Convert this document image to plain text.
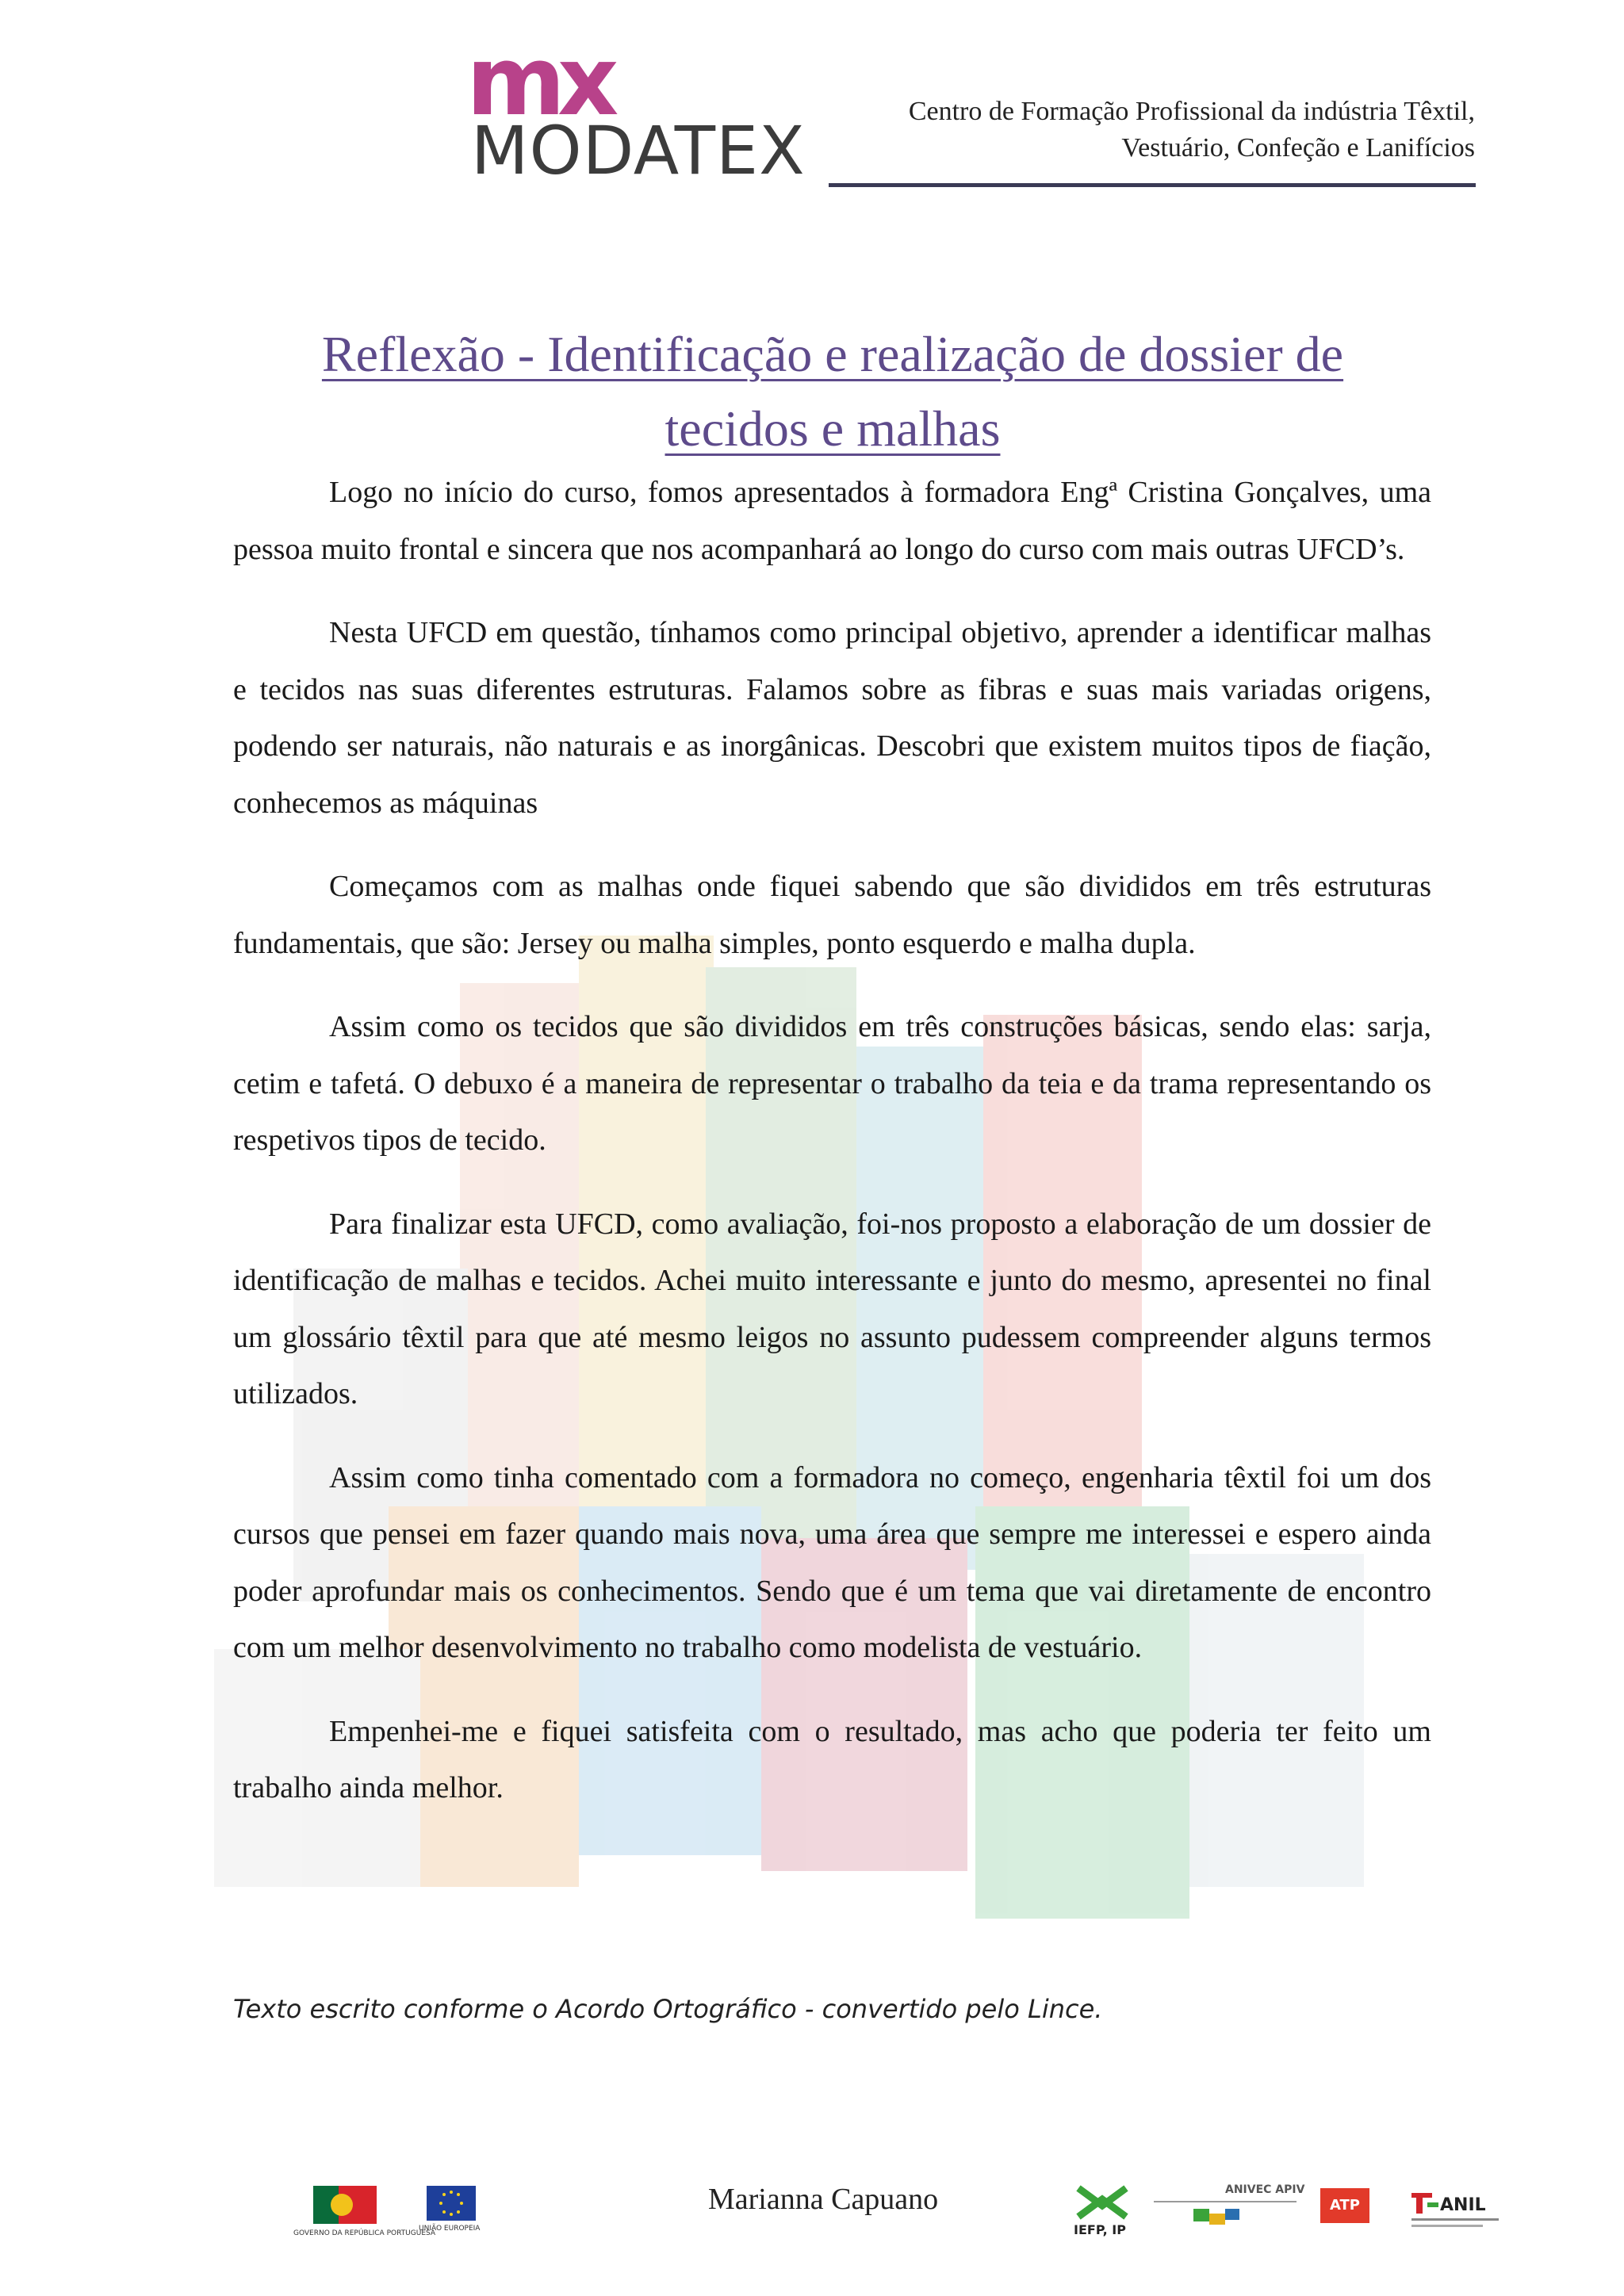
mx
MODATEX
Centro de Formação Profissional da indústria Têxtil,
Vestuário, Confeção e Lanifícios
Reflexão - Identificação e realização de dossier de
tecidos e malhas

Logo no início do curso, fomos apresentados à formadora Engª Cristina Gonçalves, uma pessoa muito frontal e sincera que nos acompanhará ao longo do curso com mais outras UFCD’s.

Nesta UFCD em questão, tínhamos como principal objetivo, aprender a identificar malhas e tecidos nas suas diferentes estruturas. Falamos sobre as fibras e suas mais variadas origens, podendo ser naturais, não naturais e as inorgânicas. Descobri que existem muitos tipos de fiação, conhecemos as máquinas

Começamos com as malhas onde fiquei sabendo que são divididos em três estruturas fundamentais, que são: Jersey ou malha simples, ponto esquerdo e malha dupla.

Assim como os tecidos que são divididos em três construções básicas, sendo elas: sarja, cetim e tafetá. O debuxo é a maneira de representar o trabalho da teia e da trama representando os respetivos tipos de tecido.

Para finalizar esta UFCD, como avaliação, foi-nos proposto a elaboração de um dossier de identificação de malhas e tecidos. Achei muito interessante e junto do mesmo, apresentei no final um glossário têxtil para que até mesmo leigos no assunto pudessem compreender alguns termos utilizados.

Assim como tinha comentado com a formadora no começo, engenharia têxtil foi um dos cursos que pensei em fazer quando mais nova, uma área que sempre me interessei e espero ainda poder aprofundar mais os conhecimentos. Sendo que é um tema que vai diretamente de encontro com um melhor desenvolvimento no trabalho como modelista de vestuário.

Empenhei-me e fiquei satisfeita com o resultado, mas acho que poderia ter feito um trabalho ainda melhor.

Texto escrito conforme o Acordo Ortográfico - convertido pelo Lince.
GOVERNO DA REPÚBLICA PORTUGUESA
UNIÃO EUROPEIA
Marianna Capuano
IEFP, IP
ANIVEC APIV
ATP	ANIL
